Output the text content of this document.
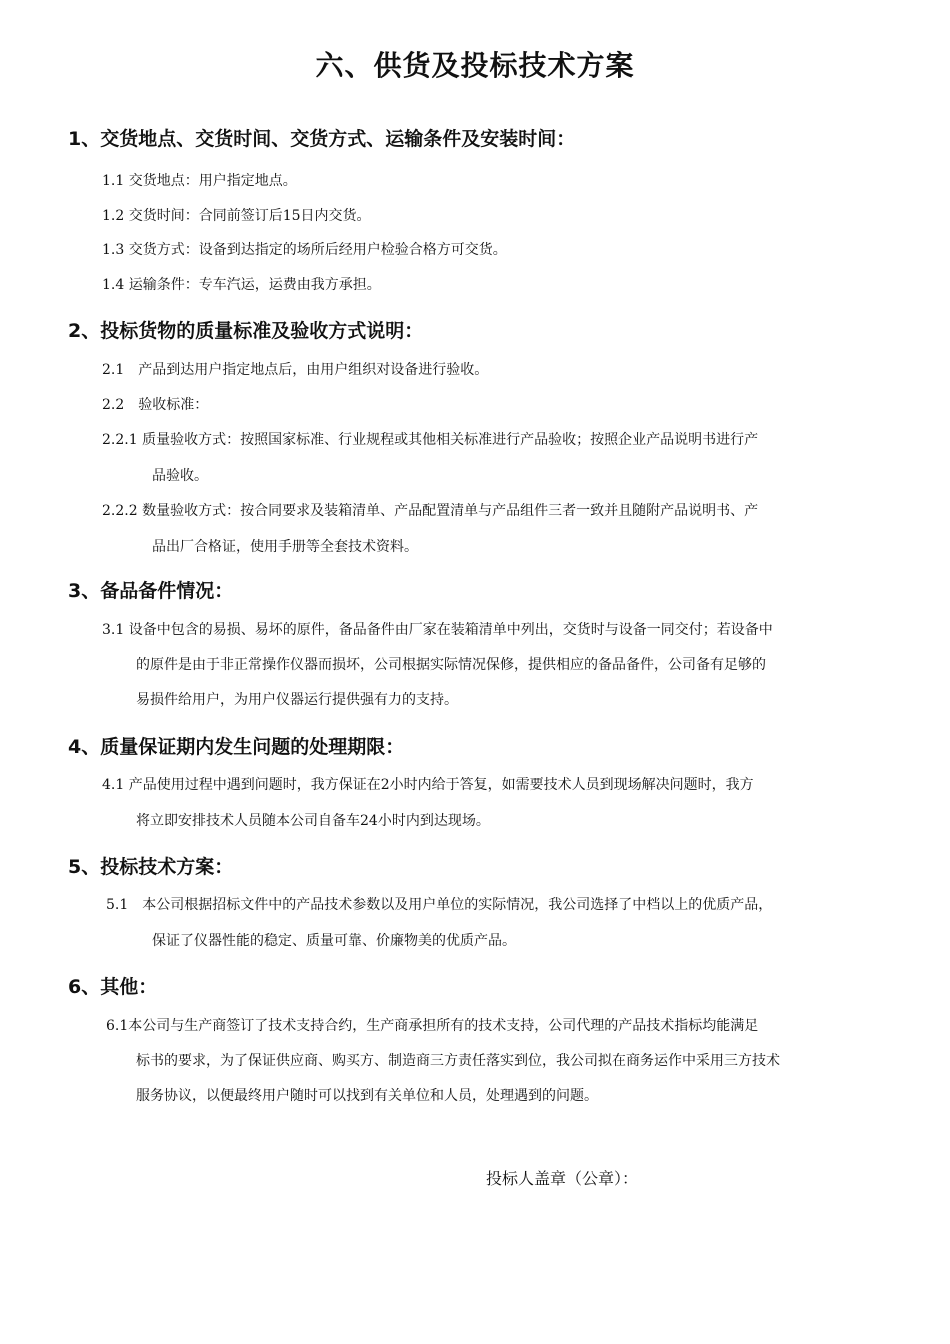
六、供货及投标技术方案
1、交货地点、交货时间、交货方式、运输条件及安装时间：
1.1 交货地点：用户指定地点。
1.2 交货时间：合同前签订后15日内交货。
1.3 交货方式：设备到达指定的场所后经用户检验合格方可交货。
1.4 运输条件：专车汽运，运费由我方承担。
2、投标货物的质量标准及验收方式说明：
2.1　产品到达用户指定地点后，由用户组织对设备进行验收。
2.2　验收标准：
2.2.1 质量验收方式：按照国家标准、行业规程或其他相关标准进行产品验收；按照企业产品说明书进行产
品验收。
2.2.2 数量验收方式：按合同要求及装箱清单、产品配置清单与产品组件三者一致并且随附产品说明书、产
品出厂合格证，使用手册等全套技术资料。
3、备品备件情况：
3.1 设备中包含的易损、易坏的原件，备品备件由厂家在装箱清单中列出，交货时与设备一同交付；若设备中
的原件是由于非正常操作仪器而损坏，公司根据实际情况保修，提供相应的备品备件，公司备有足够的
易损件给用户，为用户仪器运行提供强有力的支持。
4、质量保证期内发生问题的处理期限：
4.1 产品使用过程中遇到问题时，我方保证在2小时内给于答复，如需要技术人员到现场解决问题时，我方
将立即安排技术人员随本公司自备车24小时内到达现场。
5、投标技术方案：
5.1　本公司根据招标文件中的产品技术参数以及用户单位的实际情况，我公司选择了中档以上的优质产品，
保证了仪器性能的稳定、质量可靠、价廉物美的优质产品。
6、其他：
6.1本公司与生产商签订了技术支持合约，生产商承担所有的技术支持，公司代理的产品技术指标均能满足
标书的要求，为了保证供应商、购买方、制造商三方责任落实到位，我公司拟在商务运作中采用三方技术
服务协议，以便最终用户随时可以找到有关单位和人员，处理遇到的问题。
投标人盖章（公章）：
